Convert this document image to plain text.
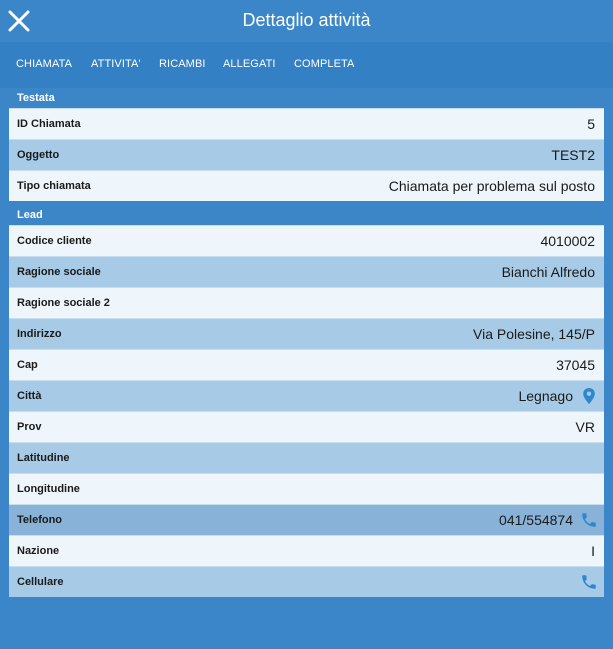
Dettaglio attività
CHIAMATA ATTIVITA' RICAMBI ALLEGATI COMPLETA
Testata
ID Chiamata	5
Oggetto	TEST2
Tipo chiamata	Chiamata per problema sul posto
Lead
Codice cliente	4010002
Ragione sociale	Bianchi Alfredo
Ragione sociale 2
Indirizzo	Via Polesine, 145/P
Cap	37045
Città	Legnago
Prov	VR
Latitudine
Longitudine
Telefono	041/554874
Nazione	I
Cellulare
